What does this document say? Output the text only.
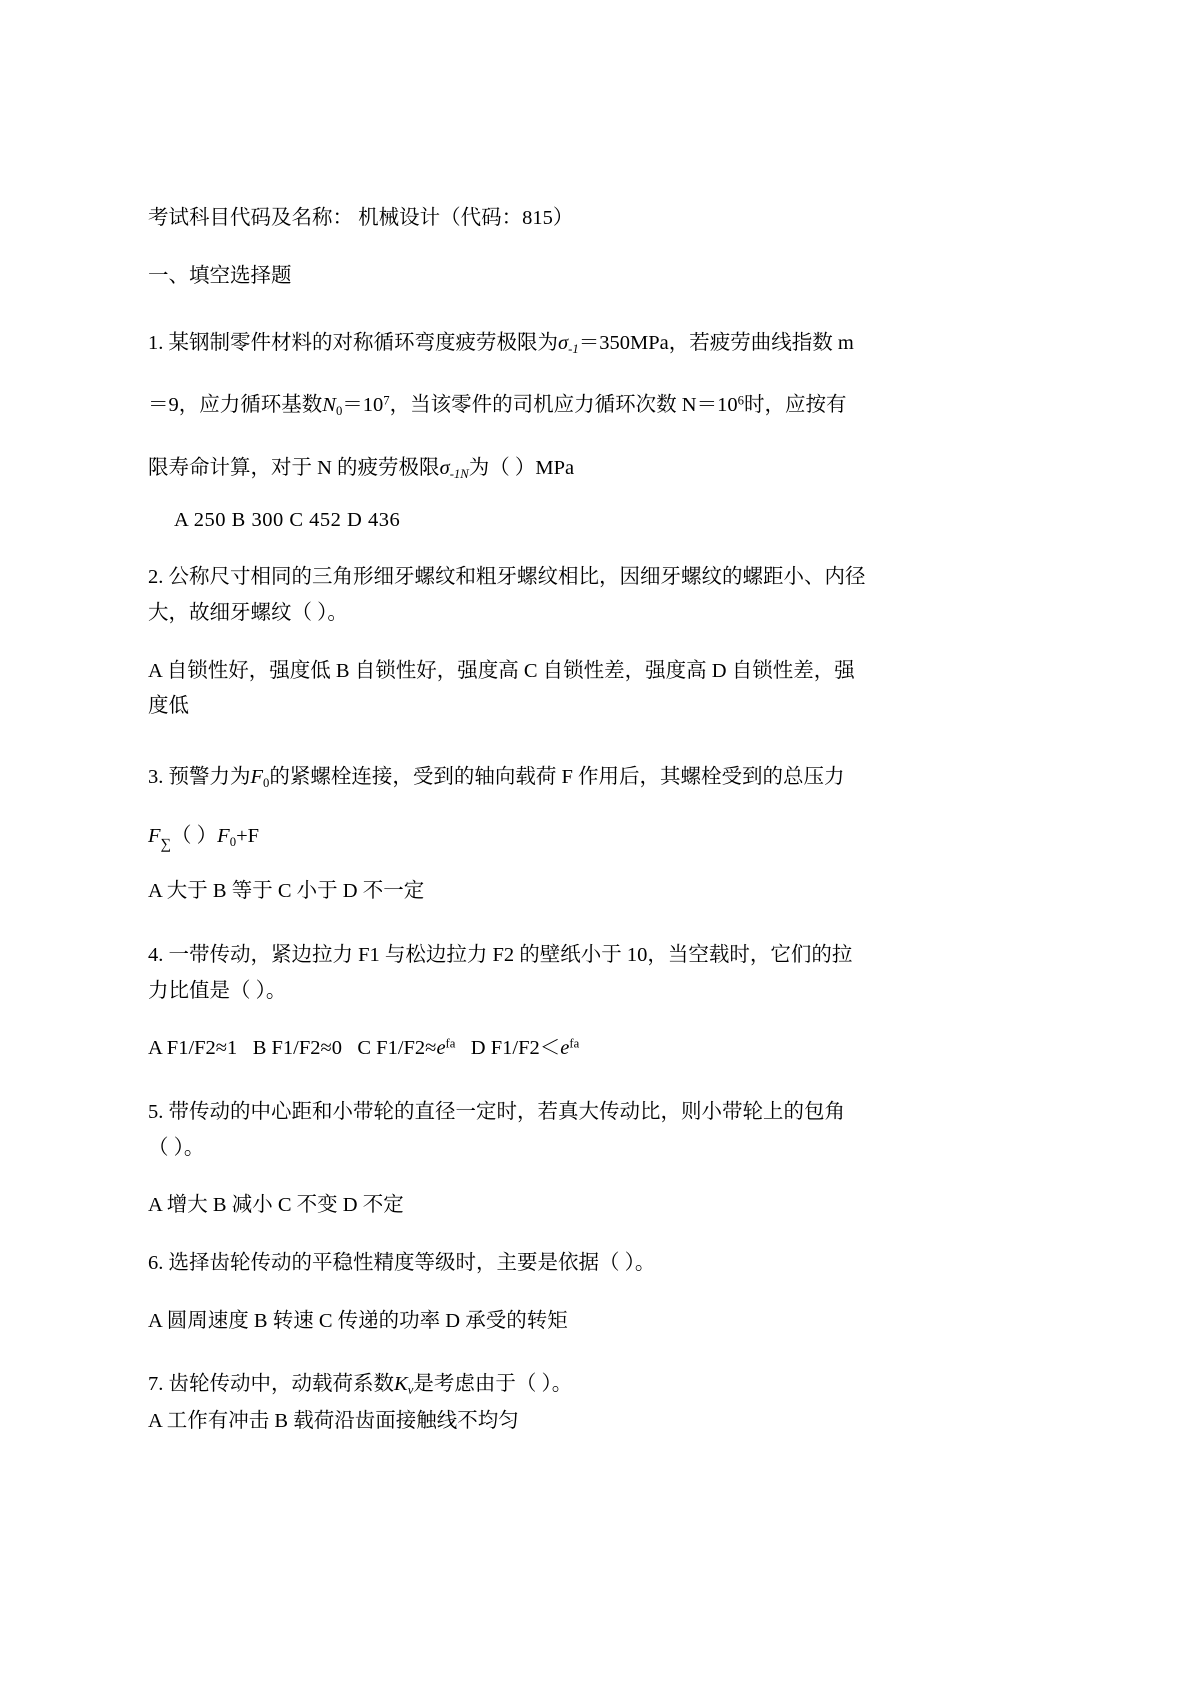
考试科目代码及名称： 机械设计（代码：815）

一、填空选择题

1. 某钢制零件材料的对称循环弯度疲劳极限为$\sigma_{-1}=350MPa$，若疲劳曲线指数 m

＝9，应力循环基数$N_0=10^7$，当该零件的司机应力循环次数 $N=10^6$时，应按有

限寿命计算，对于 N 的疲劳极限$\sigma_{-1N}$为（ ）MPa

A 250 B 300 C 452 D 436

2. 公称尺寸相同的三角形细牙螺纹和粗牙螺纹相比，因细牙螺纹的螺距小、内径

大，故细牙螺纹（ ）。

A 自锁性好，强度低 B 自锁性好，强度高 C 自锁性差，强度高 D 自锁性差，强

度低

3. 预警力为$F_0$的紧螺栓连接，受到的轴向载荷 F 作用后，其螺栓受到的总压力

$F_\sum$（ ）$F_0+F$

A 大于 B 等于 C 小于 D 不一定

4. 一带传动，紧边拉力 F1 与松边拉力 F2 的壁纸小于 10，当空载时，它们的拉

力比值是（ ）。

A F1/F2≈1 B F1/F2≈0 C $F1/F2\approx e^{fa}$ D $F1/F2<e^{fa}$

5. 带传动的中心距和小带轮的直径一定时，若真大传动比，则小带轮上的包角

（ ）。

A 增大 B 减小 C 不变 D 不定

6. 选择齿轮传动的平稳性精度等级时，主要是依据（ ）。

A 圆周速度 B 转速 C 传递的功率 D 承受的转矩

7. 齿轮传动中，动载荷系数$K_v$是考虑由于（ ）。

A 工作有冲击 B 载荷沿齿面接触线不均匀
